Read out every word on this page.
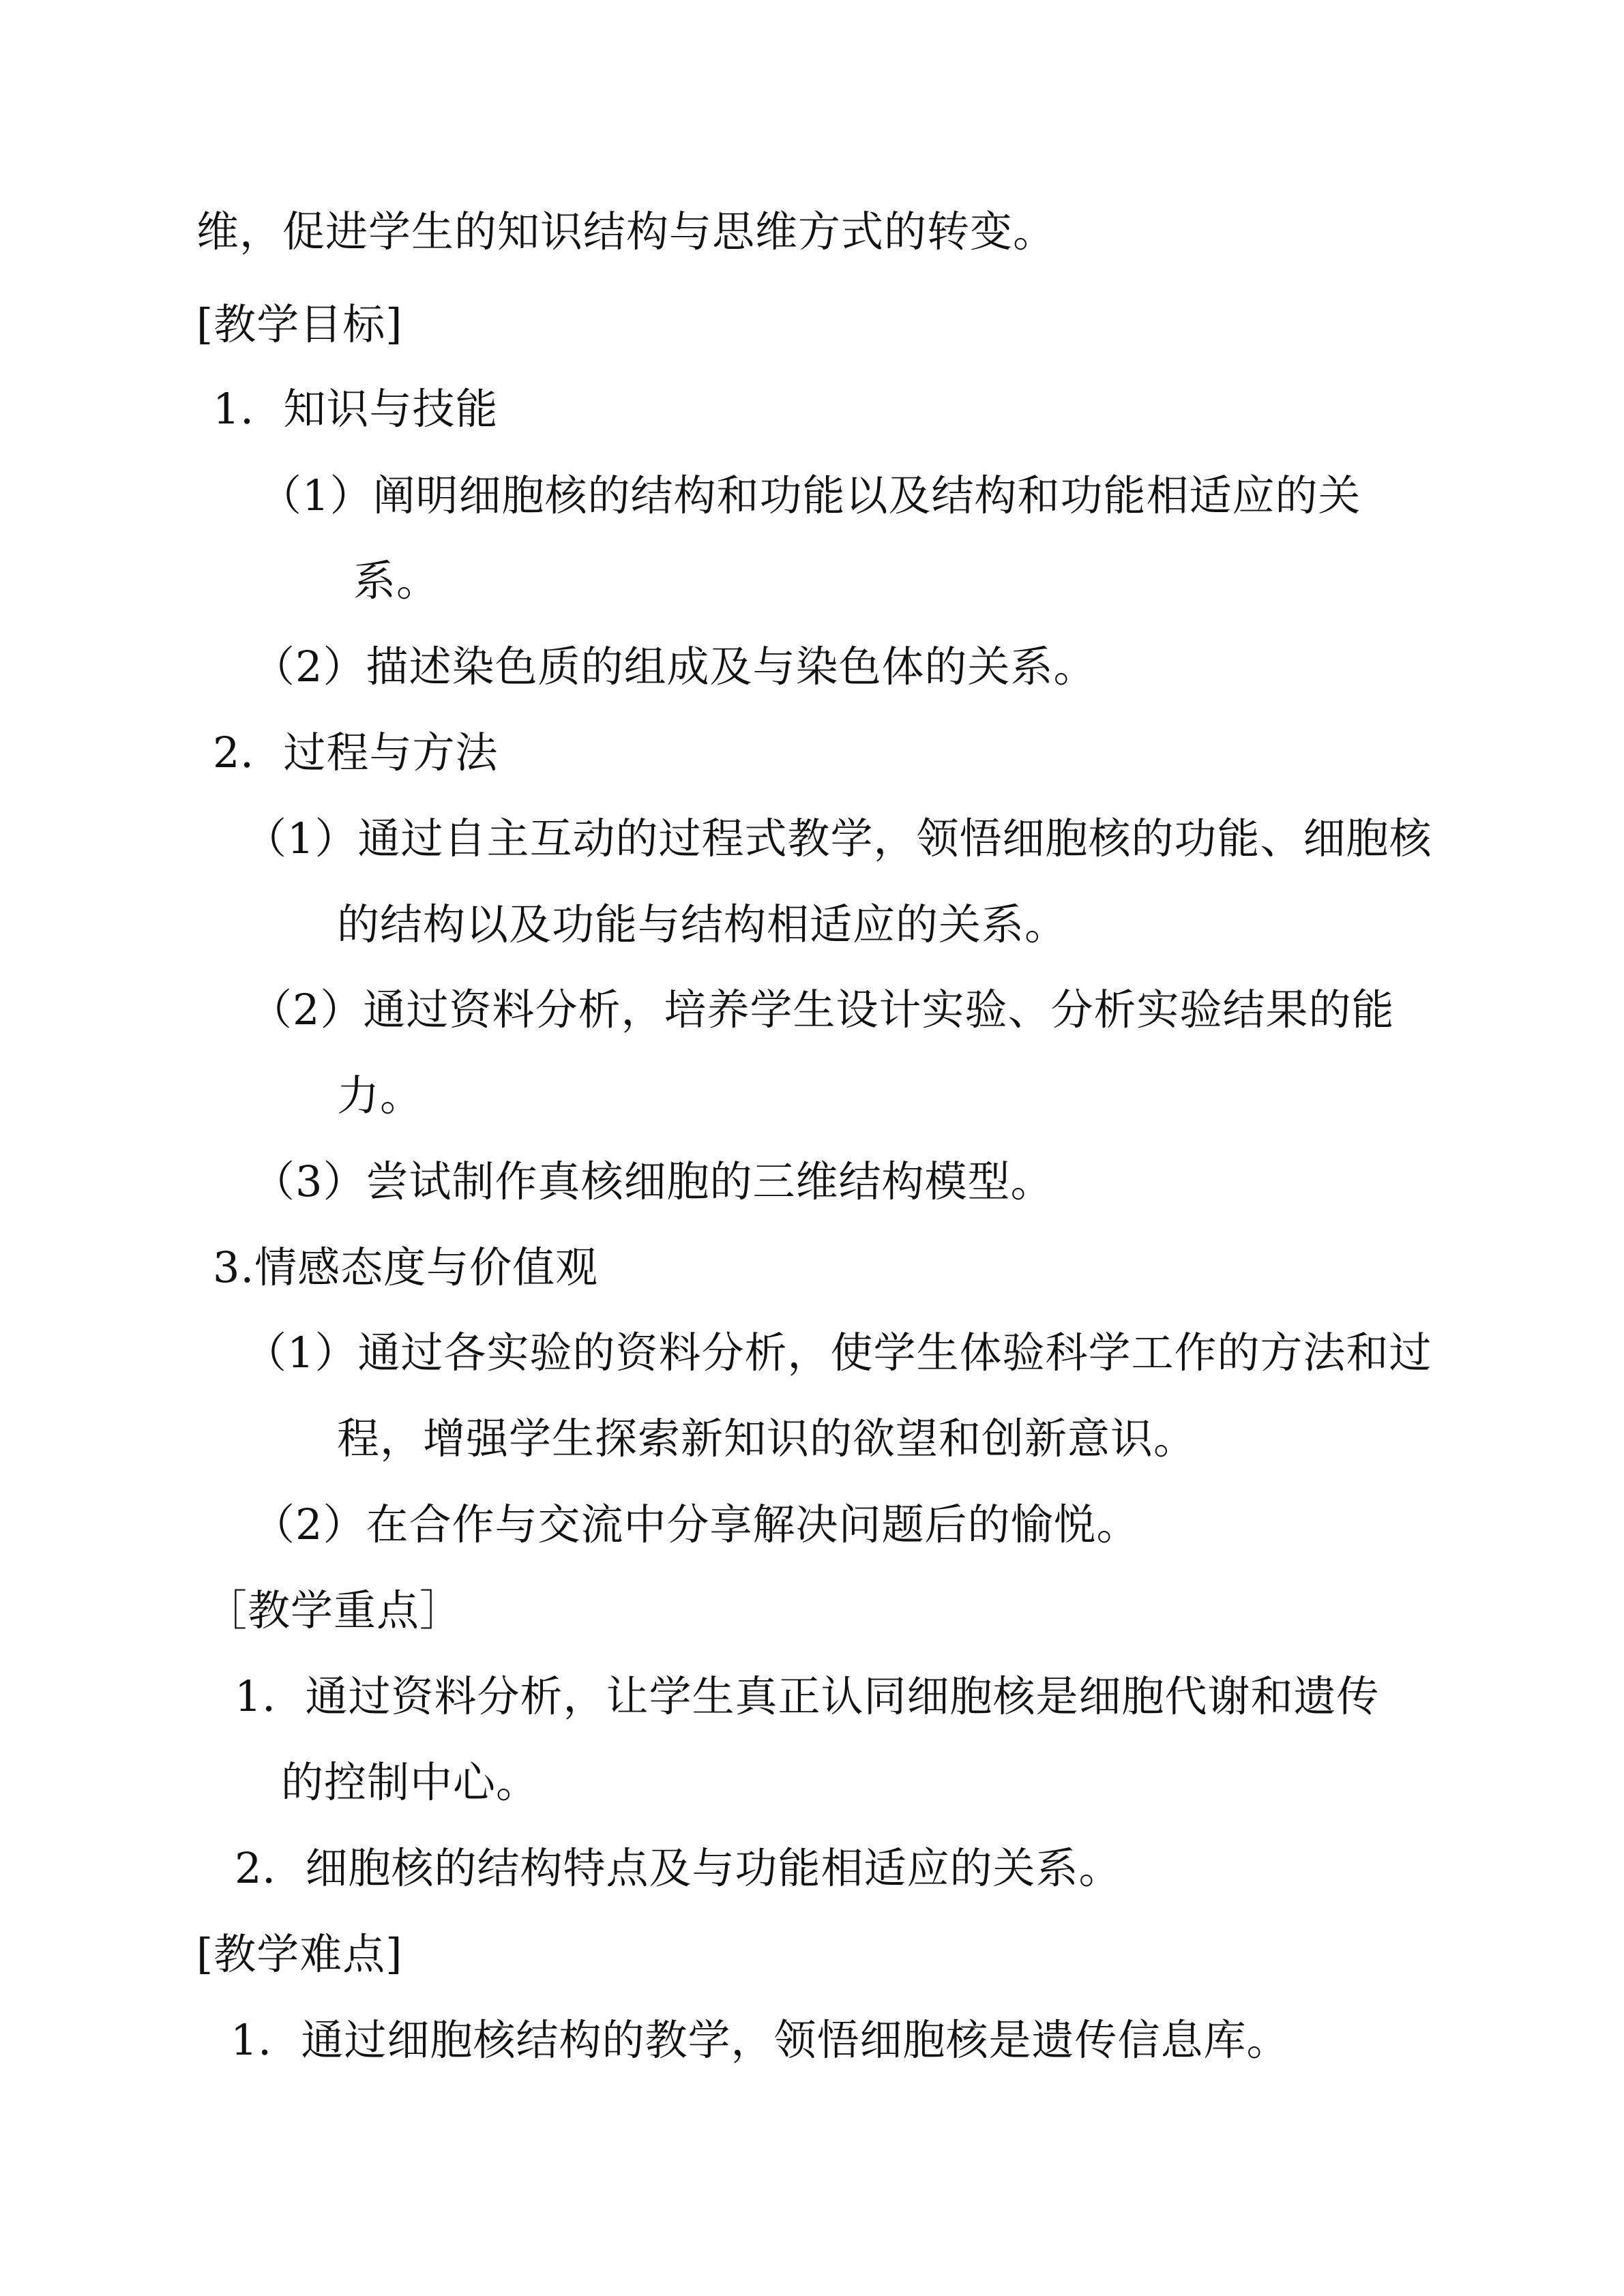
维，促进学生的知识结构与思维方式的转变。
[教学目标]
1．知识与技能
（1）阐明细胞核的结构和功能以及结构和功能相适应的关
系。
（2）描述染色质的组成及与染色体的关系。
2．过程与方法
（1）通过自主互动的过程式教学，领悟细胞核的功能、细胞核
的结构以及功能与结构相适应的关系。
（2）通过资料分析，培养学生设计实验、分析实验结果的能
力。
（3）尝试制作真核细胞的三维结构模型。
3.情感态度与价值观
（1）通过各实验的资料分析，使学生体验科学工作的方法和过
程，增强学生探索新知识的欲望和创新意识。
（2）在合作与交流中分享解决问题后的愉悦。
［教学重点］
1．通过资料分析，让学生真正认同细胞核是细胞代谢和遗传
的控制中心。
2．细胞核的结构特点及与功能相适应的关系。
[教学难点]
1．通过细胞核结构的教学，领悟细胞核是遗传信息库。
